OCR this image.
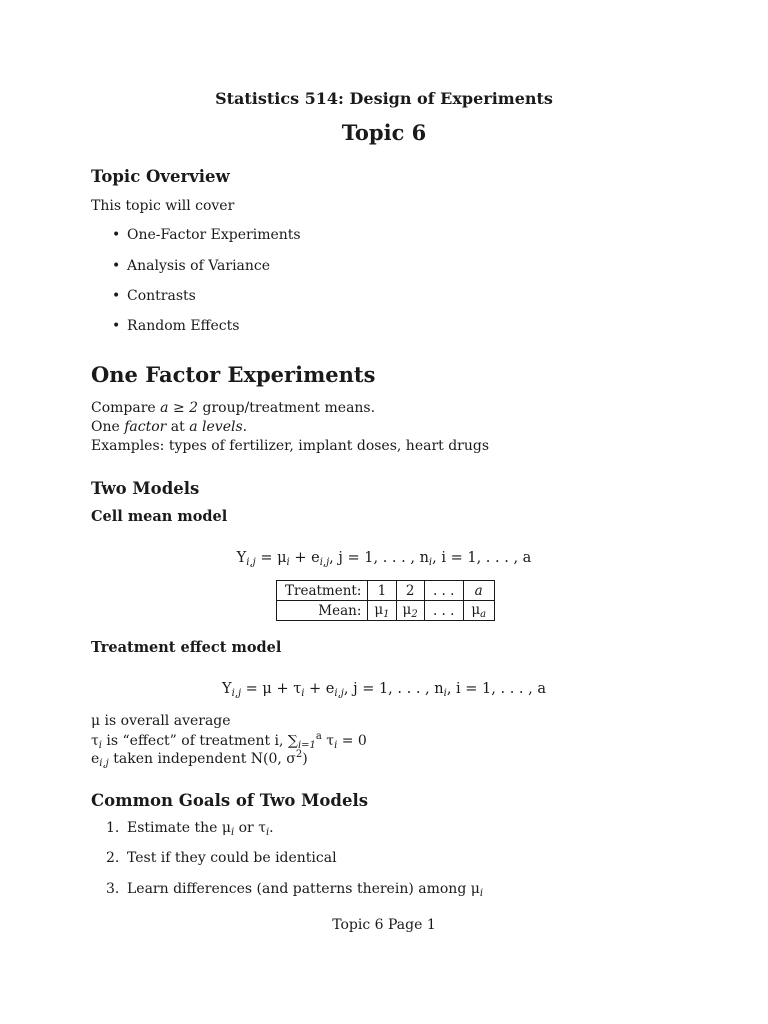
Statistics 514: Design of Experiments
Topic 6
Topic Overview
This topic will cover
• One-Factor Experiments
• Analysis of Variance
• Contrasts
• Random Effects
One Factor Experiments
Compare a ≥ 2 group/treatment means.
One factor at a levels.
Examples: types of fertilizer, implant doses, heart drugs
Two Models
Cell mean model
$Y_{i,j} = \mu_i + e_{i,j}$, j = 1, . . . , $n_i$, i = 1, . . . , a
Treatment:	1	2	. . .	a
Mean:	$\mu_1$	$\mu_2$	. . .	$\mu_a$
Treatment effect model
$Y_{i,j} = \mu + \tau_i + e_{i,j}$, j = 1, . . . , $n_i$, i = 1, . . . , a
μ is overall average
$\tau_i$ is “effect” of treatment i, $\sum_{i=1}^a$ $\tau_i = 0$
$e_{i,j}$ taken independent N(0, $\sigma^2$)
Common Goals of Two Models
1. Estimate the $\mu_i$ or $\tau_i$.
2. Test if they could be identical
3. Learn differences (and patterns therein) among $\mu_i$
Topic 6 Page 1
